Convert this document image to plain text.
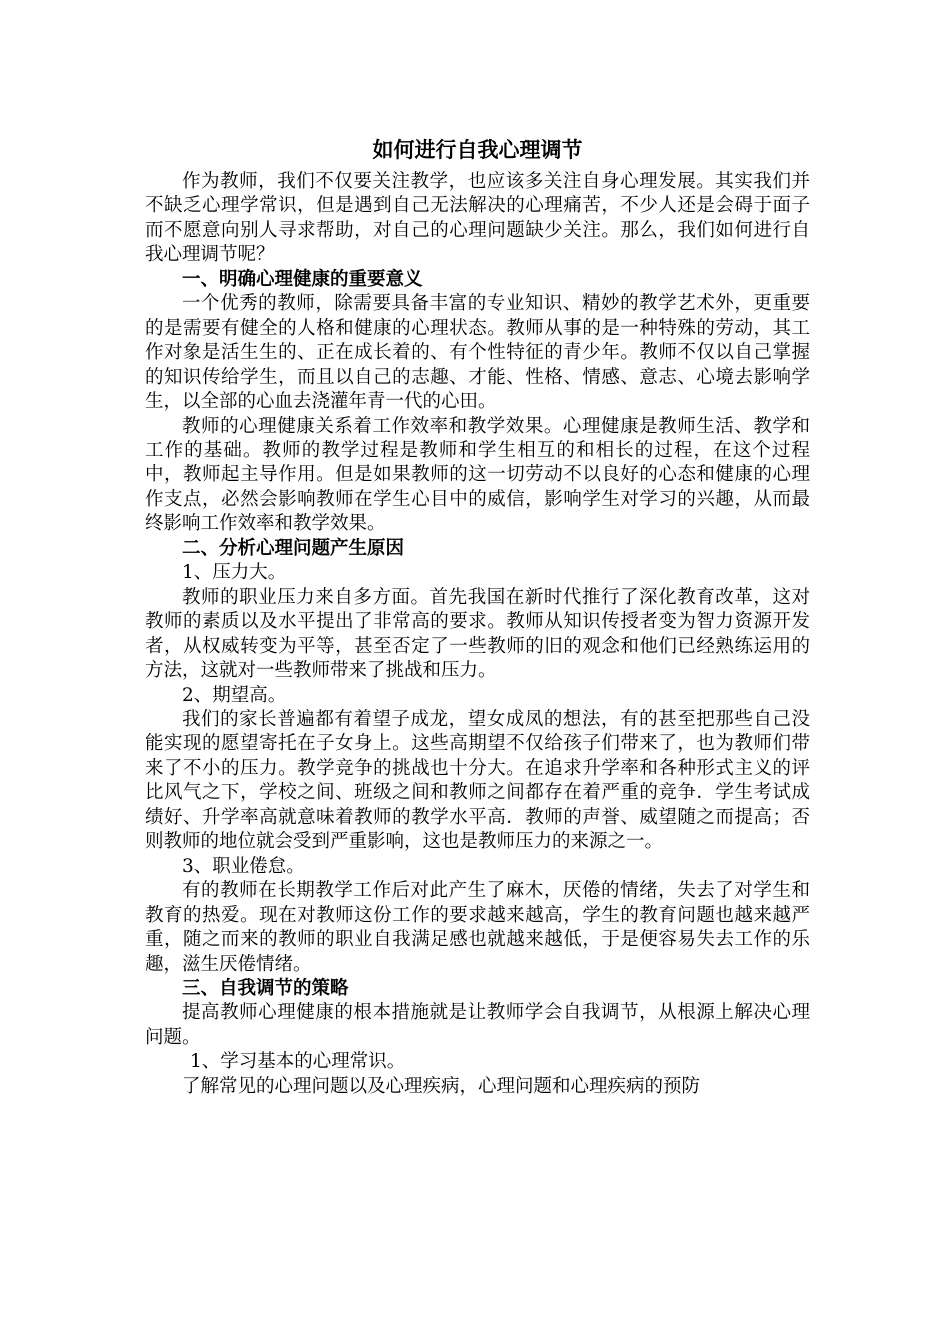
如何进行自我心理调节

作为教师，我们不仅要关注教学，也应该多关注自身心理发展。其实我们并不缺乏心理学常识，但是遇到自己无法解决的心理痛苦，不少人还是会碍于面子而不愿意向别人寻求帮助，对自己的心理问题缺少关注。那么，我们如何进行自我心理调节呢？

一、明确心理健康的重要意义

一个优秀的教师，除需要具备丰富的专业知识、精妙的教学艺术外，更重要的是需要有健全的人格和健康的心理状态。教师从事的是一种特殊的劳动，其工作对象是活生生的、正在成长着的、有个性特征的青少年。教师不仅以自己掌握的知识传给学生，而且以自己的志趣、才能、性格、情感、意志、心境去影响学生，以全部的心血去浇灌年青一代的心田。

教师的心理健康关系着工作效率和教学效果。心理健康是教师生活、教学和工作的基础。教师的教学过程是教师和学生相互的和相长的过程，在这个过程中，教师起主导作用。但是如果教师的这一切劳动不以良好的心态和健康的心理作支点，必然会影响教师在学生心目中的威信，影响学生对学习的兴趣，从而最终影响工作效率和教学效果。

二、分析心理问题产生原因

1、压力大。

教师的职业压力来自多方面。首先我国在新时代推行了深化教育改革，这对教师的素质以及水平提出了非常高的要求。教师从知识传授者变为智力资源开发者，从权威转变为平等，甚至否定了一些教师的旧的观念和他们已经熟练运用的方法，这就对一些教师带来了挑战和压力。

2、期望高。

我们的家长普遍都有着望子成龙，望女成凤的想法，有的甚至把那些自己没能实现的愿望寄托在子女身上。这些高期望不仅给孩子们带来了，也为教师们带来了不小的压力。教学竞争的挑战也十分大。在追求升学率和各种形式主义的评比风气之下，学校之间、班级之间和教师之间都存在着严重的竞争．学生考试成绩好、升学率高就意味着教师的教学水平高．教师的声誉、威望随之而提高；否则教师的地位就会受到严重影响，这也是教师压力的来源之一。

3、职业倦怠。

有的教师在长期教学工作后对此产生了麻木，厌倦的情绪，失去了对学生和教育的热爱。现在对教师这份工作的要求越来越高，学生的教育问题也越来越严重，随之而来的教师的职业自我满足感也就越来越低，于是便容易失去工作的乐趣，滋生厌倦情绪。

三、自我调节的策略

提高教师心理健康的根本措施就是让教师学会自我调节，从根源上解决心理问题。

1、学习基本的心理常识。

了解常见的心理问题以及心理疾病，心理问题和心理疾病的预防
